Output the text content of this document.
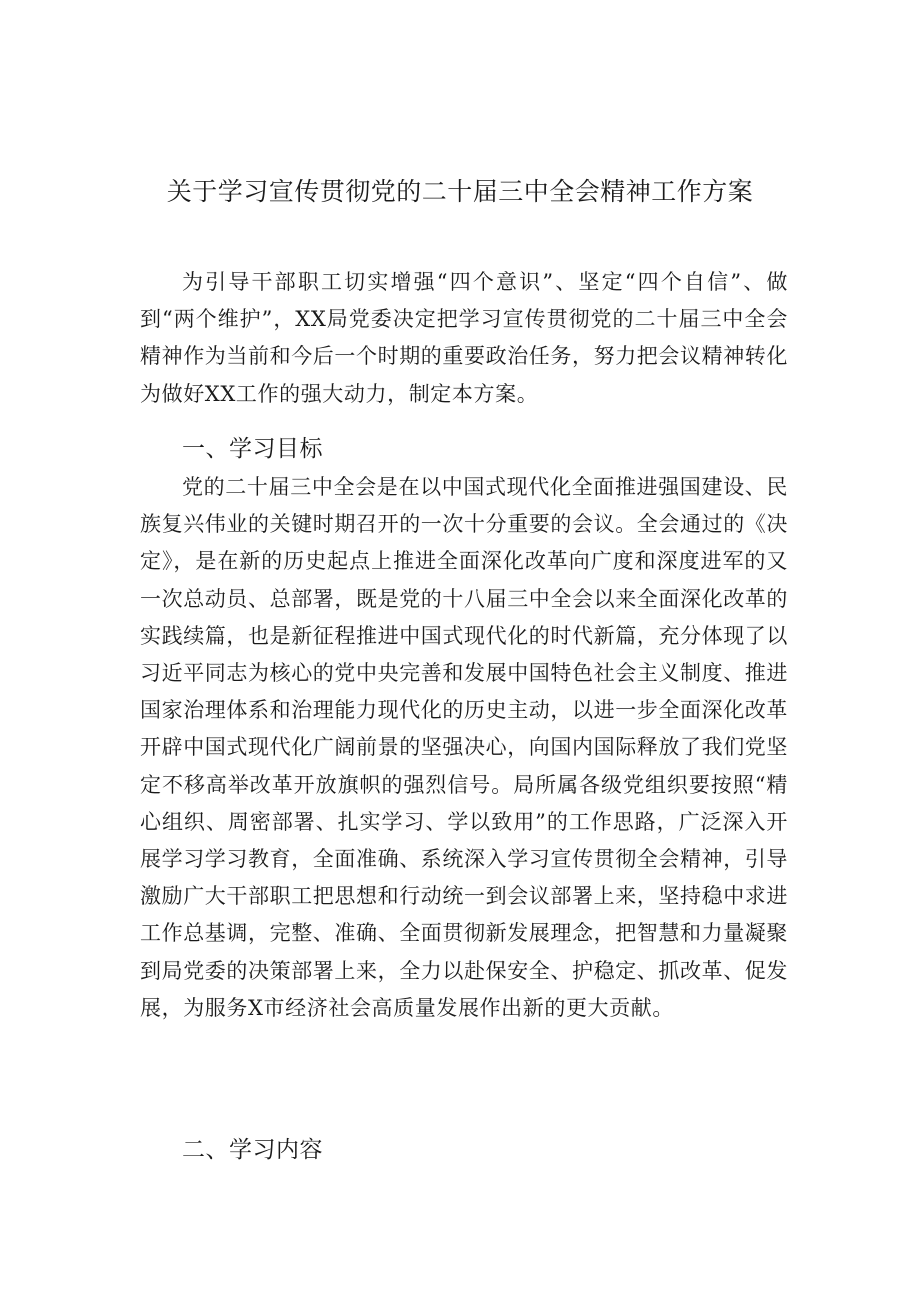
关于学习宣传贯彻党的二十届三中全会精神工作方案

为引导干部职工切实增强“四个意识”、坚定“四个自信”、做到“两个维护”，XX局党委决定把学习宣传贯彻党的二十届三中全会精神作为当前和今后一个时期的重要政治任务，努力把会议精神转化为做好XX工作的强大动力，制定本方案。

一、学习目标

党的二十届三中全会是在以中国式现代化全面推进强国建设、民族复兴伟业的关键时期召开的一次十分重要的会议。全会通过的《决定》，是在新的历史起点上推进全面深化改革向广度和深度进军的又一次总动员、总部署，既是党的十八届三中全会以来全面深化改革的实践续篇，也是新征程推进中国式现代化的时代新篇，充分体现了以习近平同志为核心的党中央完善和发展中国特色社会主义制度、推进国家治理体系和治理能力现代化的历史主动，以进一步全面深化改革开辟中国式现代化广阔前景的坚强决心，向国内国际释放了我们党坚定不移高举改革开放旗帜的强烈信号。局所属各级党组织要按照“精心组织、周密部署、扎实学习、学以致用”的工作思路，广泛深入开展学习学习教育，全面准确、系统深入学习宣传贯彻全会精神，引导激励广大干部职工把思想和行动统一到会议部署上来，坚持稳中求进工作总基调，完整、准确、全面贯彻新发展理念，把智慧和力量凝聚到局党委的决策部署上来，全力以赴保安全、护稳定、抓改革、促发展，为服务X市经济社会高质量发展作出新的更大贡献。

二、学习内容
